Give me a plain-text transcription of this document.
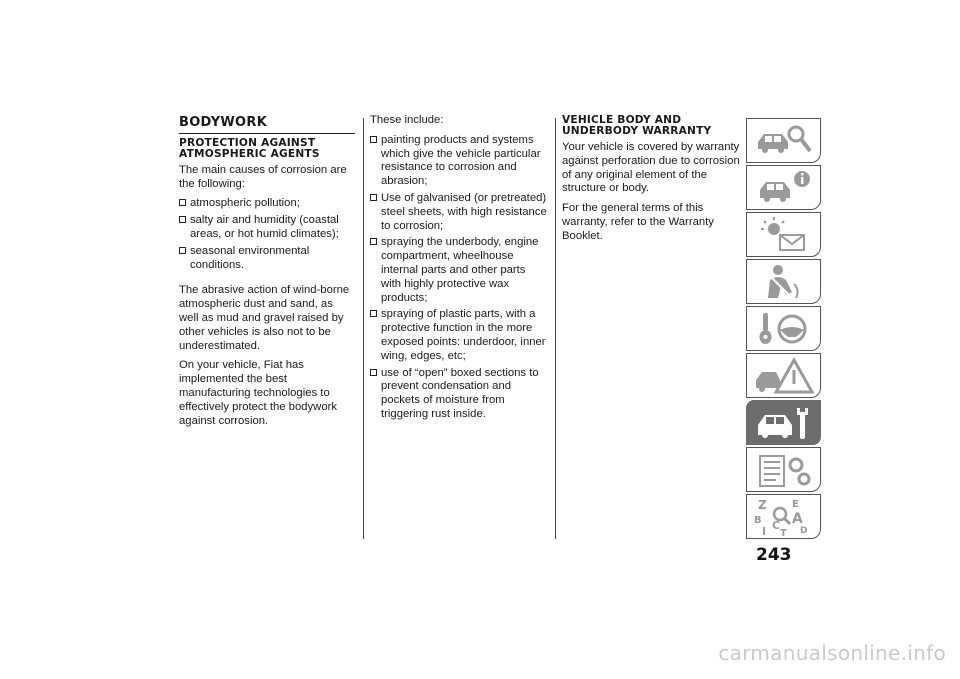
BODYWORK
PROTECTION AGAINST ATMOSPHERIC AGENTS

The main causes of corrosion are the following:

atmospheric pollution;
salty air and humidity (coastal areas, or hot humid climates);
seasonal environmental conditions.

The abrasive action of wind-borne atmospheric dust and sand, as well as mud and gravel raised by other vehicles is also not to be underestimated.

On your vehicle, Fiat has implemented the best manufacturing technologies to effectively protect the bodywork against corrosion.

These include:

painting products and systems which give the vehicle particular resistance to corrosion and abrasion;
Use of galvanised (or pretreated) steel sheets, with high resistance to corrosion;
spraying the underbody, engine compartment, wheelhouse internal parts and other parts with highly protective wax products;
spraying of plastic parts, with a protective function in the more exposed points: underdoor, inner wing, edges, etc;
use of “open” boxed sections to prevent condensation and pockets of moisture from triggering rust inside.
VEHICLE BODY AND UNDERBODY WARRANTY

Your vehicle is covered by warranty against perforation due to corrosion of any original element of the structure or body.

For the general terms of this warranty, refer to the Warranty Booklet.

Z	E
B A
C D
I T
243
carmanualsonline.info
